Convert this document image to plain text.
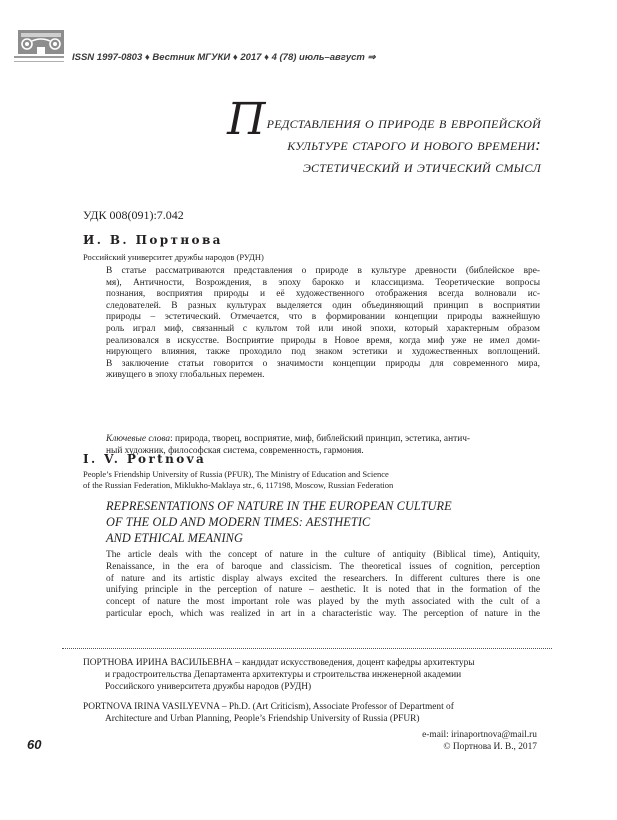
ISSN 1997-0803 ♦ Вестник МГУКИ ♦ 2017 ♦ 4 (78) июль–август ⇒
Представления о природе в европейской
культуре старого и нового времени:
эстетический и этический смысл
УДК 008(091):7.042
И. В. Портнова
Российский университет дружбы народов (РУДН)
В статье рассматриваются представления о природе в культуре древности (библейское вре-
мя), Античности, Возрождения, в эпоху барокко и классицизма. Теоретические вопросы
познания, восприятия природы и её художественного отображения всегда волновали ис-
следователей. В разных культурах выделяется один объединяющий принцип в восприятии
природы – эстетический. Отмечается, что в формировании концепции природы важнейшую
роль играл миф, связанный с культом той или иной эпохи, который характерным образом
реализовался в искусстве. Восприятие природы в Новое время, когда миф уже не имел доми-
нирующего влияния, также проходило под знаком эстетики и художественных воплощений.
В заключение статьи говорится о значимости концепции природы для современного мира,
живущего в эпоху глобальных перемен.
Ключевые слова: природа, творец, восприятие, миф, библейский принцип, эстетика, антич-
ный художник, философская система, современность, гармония.
I. V. Portnova
People’s Friendship University of Russia (PFUR), The Ministry of Education and Science
of the Russian Federation, Miklukho-Maklaya str., 6, 117198, Moscow, Russian Federation
REPRESENTATIONS OF NATURE IN THE EUROPEAN CULTURE
OF THE OLD AND MODERN TIMES: AESTHETIC
AND ETHICAL MEANING
The article deals with the concept of nature in the culture of antiquity (Biblical time), Antiquity,
Renaissance, in the era of baroque and classicism. The theoretical issues of cognition, perception
of nature and its artistic display always excited the researchers. In different cultures there is one
unifying principle in the perception of nature – aesthetic. It is noted that in the formation of the
concept of nature the most important role was played by the myth associated with the cult of a
particular epoch, which was realized in art in a characteristic way. The perception of nature in the
ПОРТНОВА ИРИНА ВАСИЛЬЕВНА – кандидат искусствоведения, доцент кафедры архитектуры
и градостроительства Департамента архитектуры и строительства инженерной академии
Российского университета дружбы народов (РУДН)
PORTNOVA IRINA VASILYEVNA – Ph.D. (Art Criticism), Associate Professor of Department of
Architecture and Urban Planning, People’s Friendship University of Russia (PFUR)
e-mail: irinaportnova@mail.ru
© Портнова И. В., 2017
60
